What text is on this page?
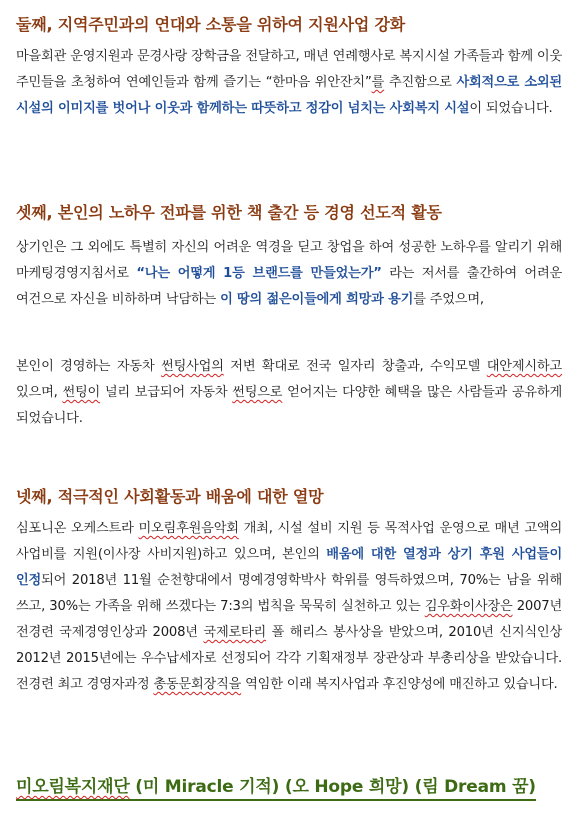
둘째, 지역주민과의 연대와 소통을 위하여 지원사업 강화
마을회관 운영지원과 문경사랑 장학금을 전달하고, 매년 연례행사로 복지시설 가족들과 함께 이웃 주민들을 초청하여 연예인들과 함께 즐기는 “한마음 위안잔치”를 추진함으로 사회적으로 소외된 시설의 이미지를 벗어나 이웃과 함께하는 따뜻하고 정감이 넘치는 사회복지 시설이 되었습니다.
셋째, 본인의 노하우 전파를 위한 책 출간 등 경영 선도적 활동
상기인은 그 외에도 특별히 자신의 어려운 역경을 딛고 창업을 하여 성공한 노하우를 알리기 위해 마케팅경영지침서로 “나는 어떻게 1등 브랜드를 만들었는가” 라는 저서를 출간하여 어려운 여건으로 자신을 비하하며 낙담하는 이 땅의 젊은이들에게 희망과 용기를 주었으며,
본인이 경영하는 자동차 썬팅사업의 저변 확대로 전국 일자리 창출과, 수익모델 대안제시하고 있으며, 썬팅이 널리 보급되어 자동차 썬팅으로 얻어지는 다양한 혜택을 많은 사람들과 공유하게 되었습니다.
넷째, 적극적인 사회활동과 배움에 대한 열망
심포니온 오케스트라 미오림후원음악회 개최, 시설 설비 지원 등 목적사업 운영으로 매년 고액의 사업비를 지원(이사장 사비지원)하고 있으며, 본인의 배움에 대한 열정과 상기 후원 사업들이 인정되어 2018년 11월 순천향대에서 명예경영학박사 학위를 영득하였으며, 70%는 남을 위해 쓰고, 30%는 가족을 위해 쓰겠다는 7:3의 법칙을 묵묵히 실천하고 있는 김우화이사장은 2007년 전경련 국제경영인상과 2008년 국제로타리 폴 해리스 봉사상을 받았으며, 2010년 신지식인상 2012년 2015년에는 우수납세자로 선정되어 각각 기획재정부 장관상과 부총리상을 받았습니다. 전경련 최고 경영자과정 총동문회장직을 역임한 이래 복지사업과 후진양성에 매진하고 있습니다.
미오림복지재단 (미 Miracle 기적) (오 Hope 희망) (림 Dream 꿈)
